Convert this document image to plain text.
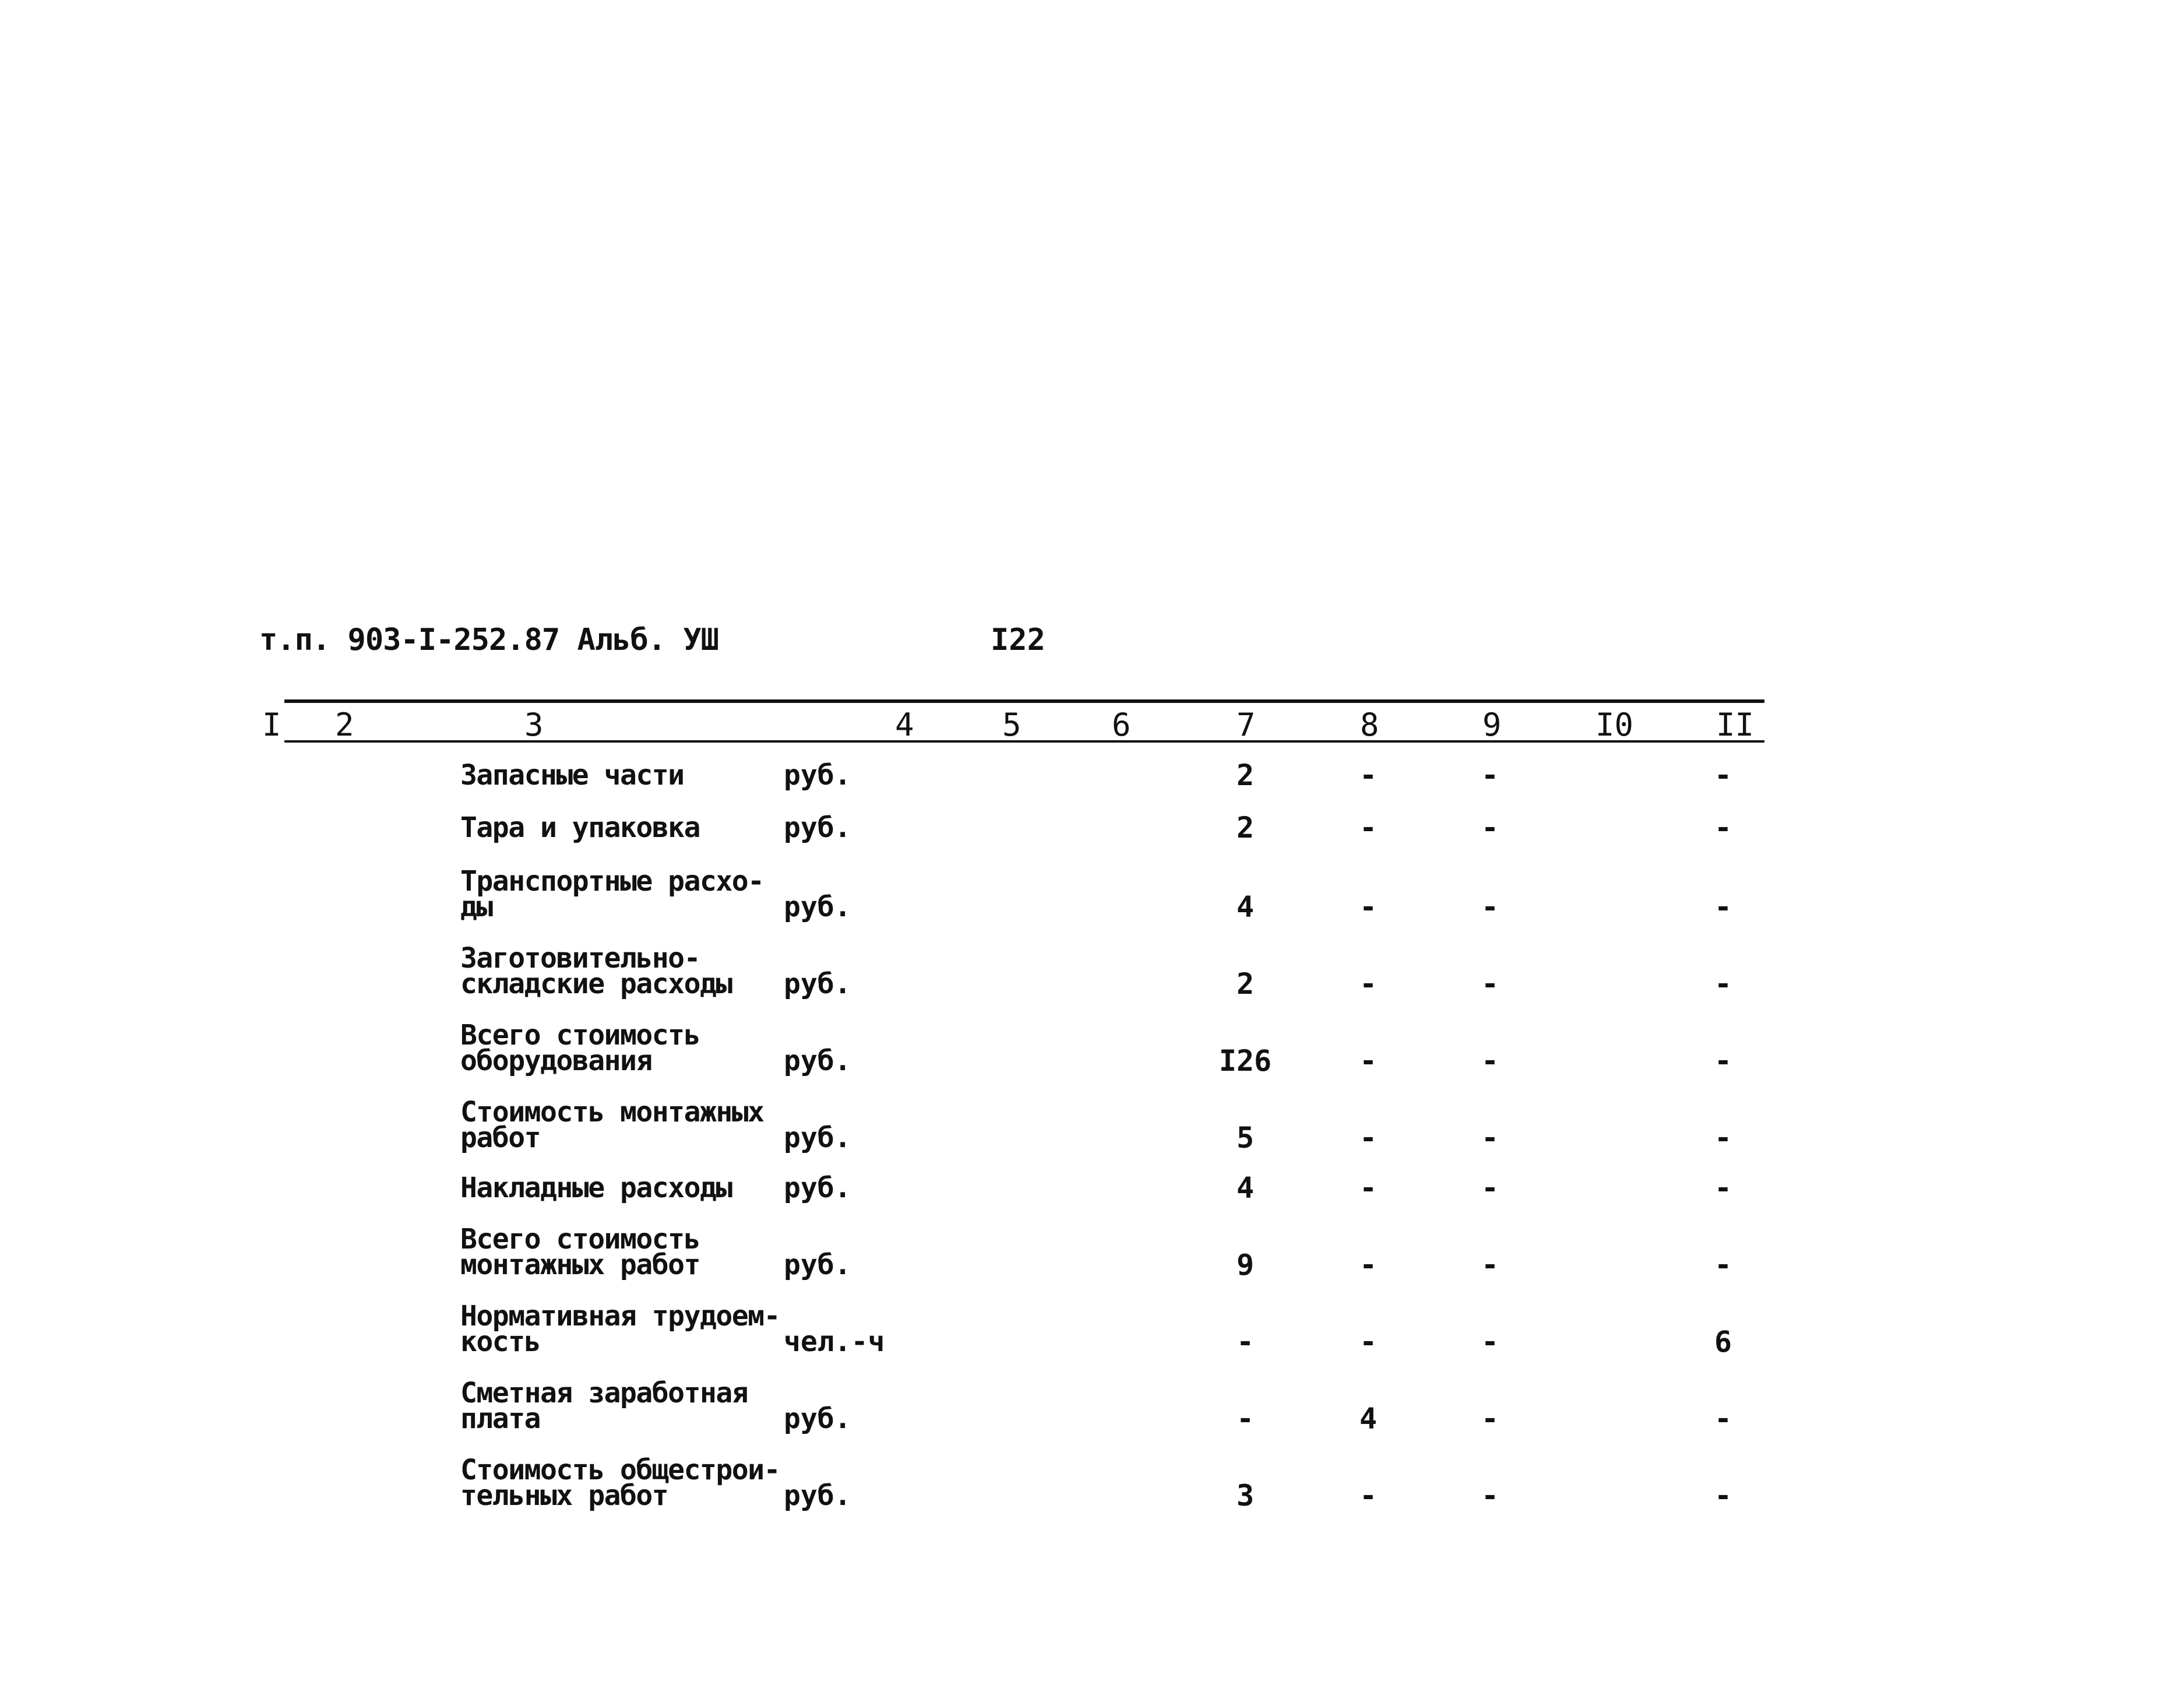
т.п. 903-I-252.87 Альб. УШ	I22
I 2	3	4	5	6	7	8	9	I0	II
Запасные части	руб.	2	-	-	-
Тара и упаковка	руб.	2	-	-	-
Транспортные расхо-
ды	руб.	4	-	-	-
Заготовительно-
складские расходы	руб.	2	-	-	-
Всего стоимость
оборудования	руб.	I26	-	-	-
Стоимость монтажных
работ	руб.	5	-	-	-
Накладные расходы	руб.	4	-	-	-
Всего стоимость
монтажных работ	руб.	9	-	-	-
Нормативная трудоем-
кость	чел.-ч	-	-	-	6
Сметная заработная
плата	руб.	-	4	-	-
Стоимость общестрои-
тельных работ	руб.	3	-	-	-
